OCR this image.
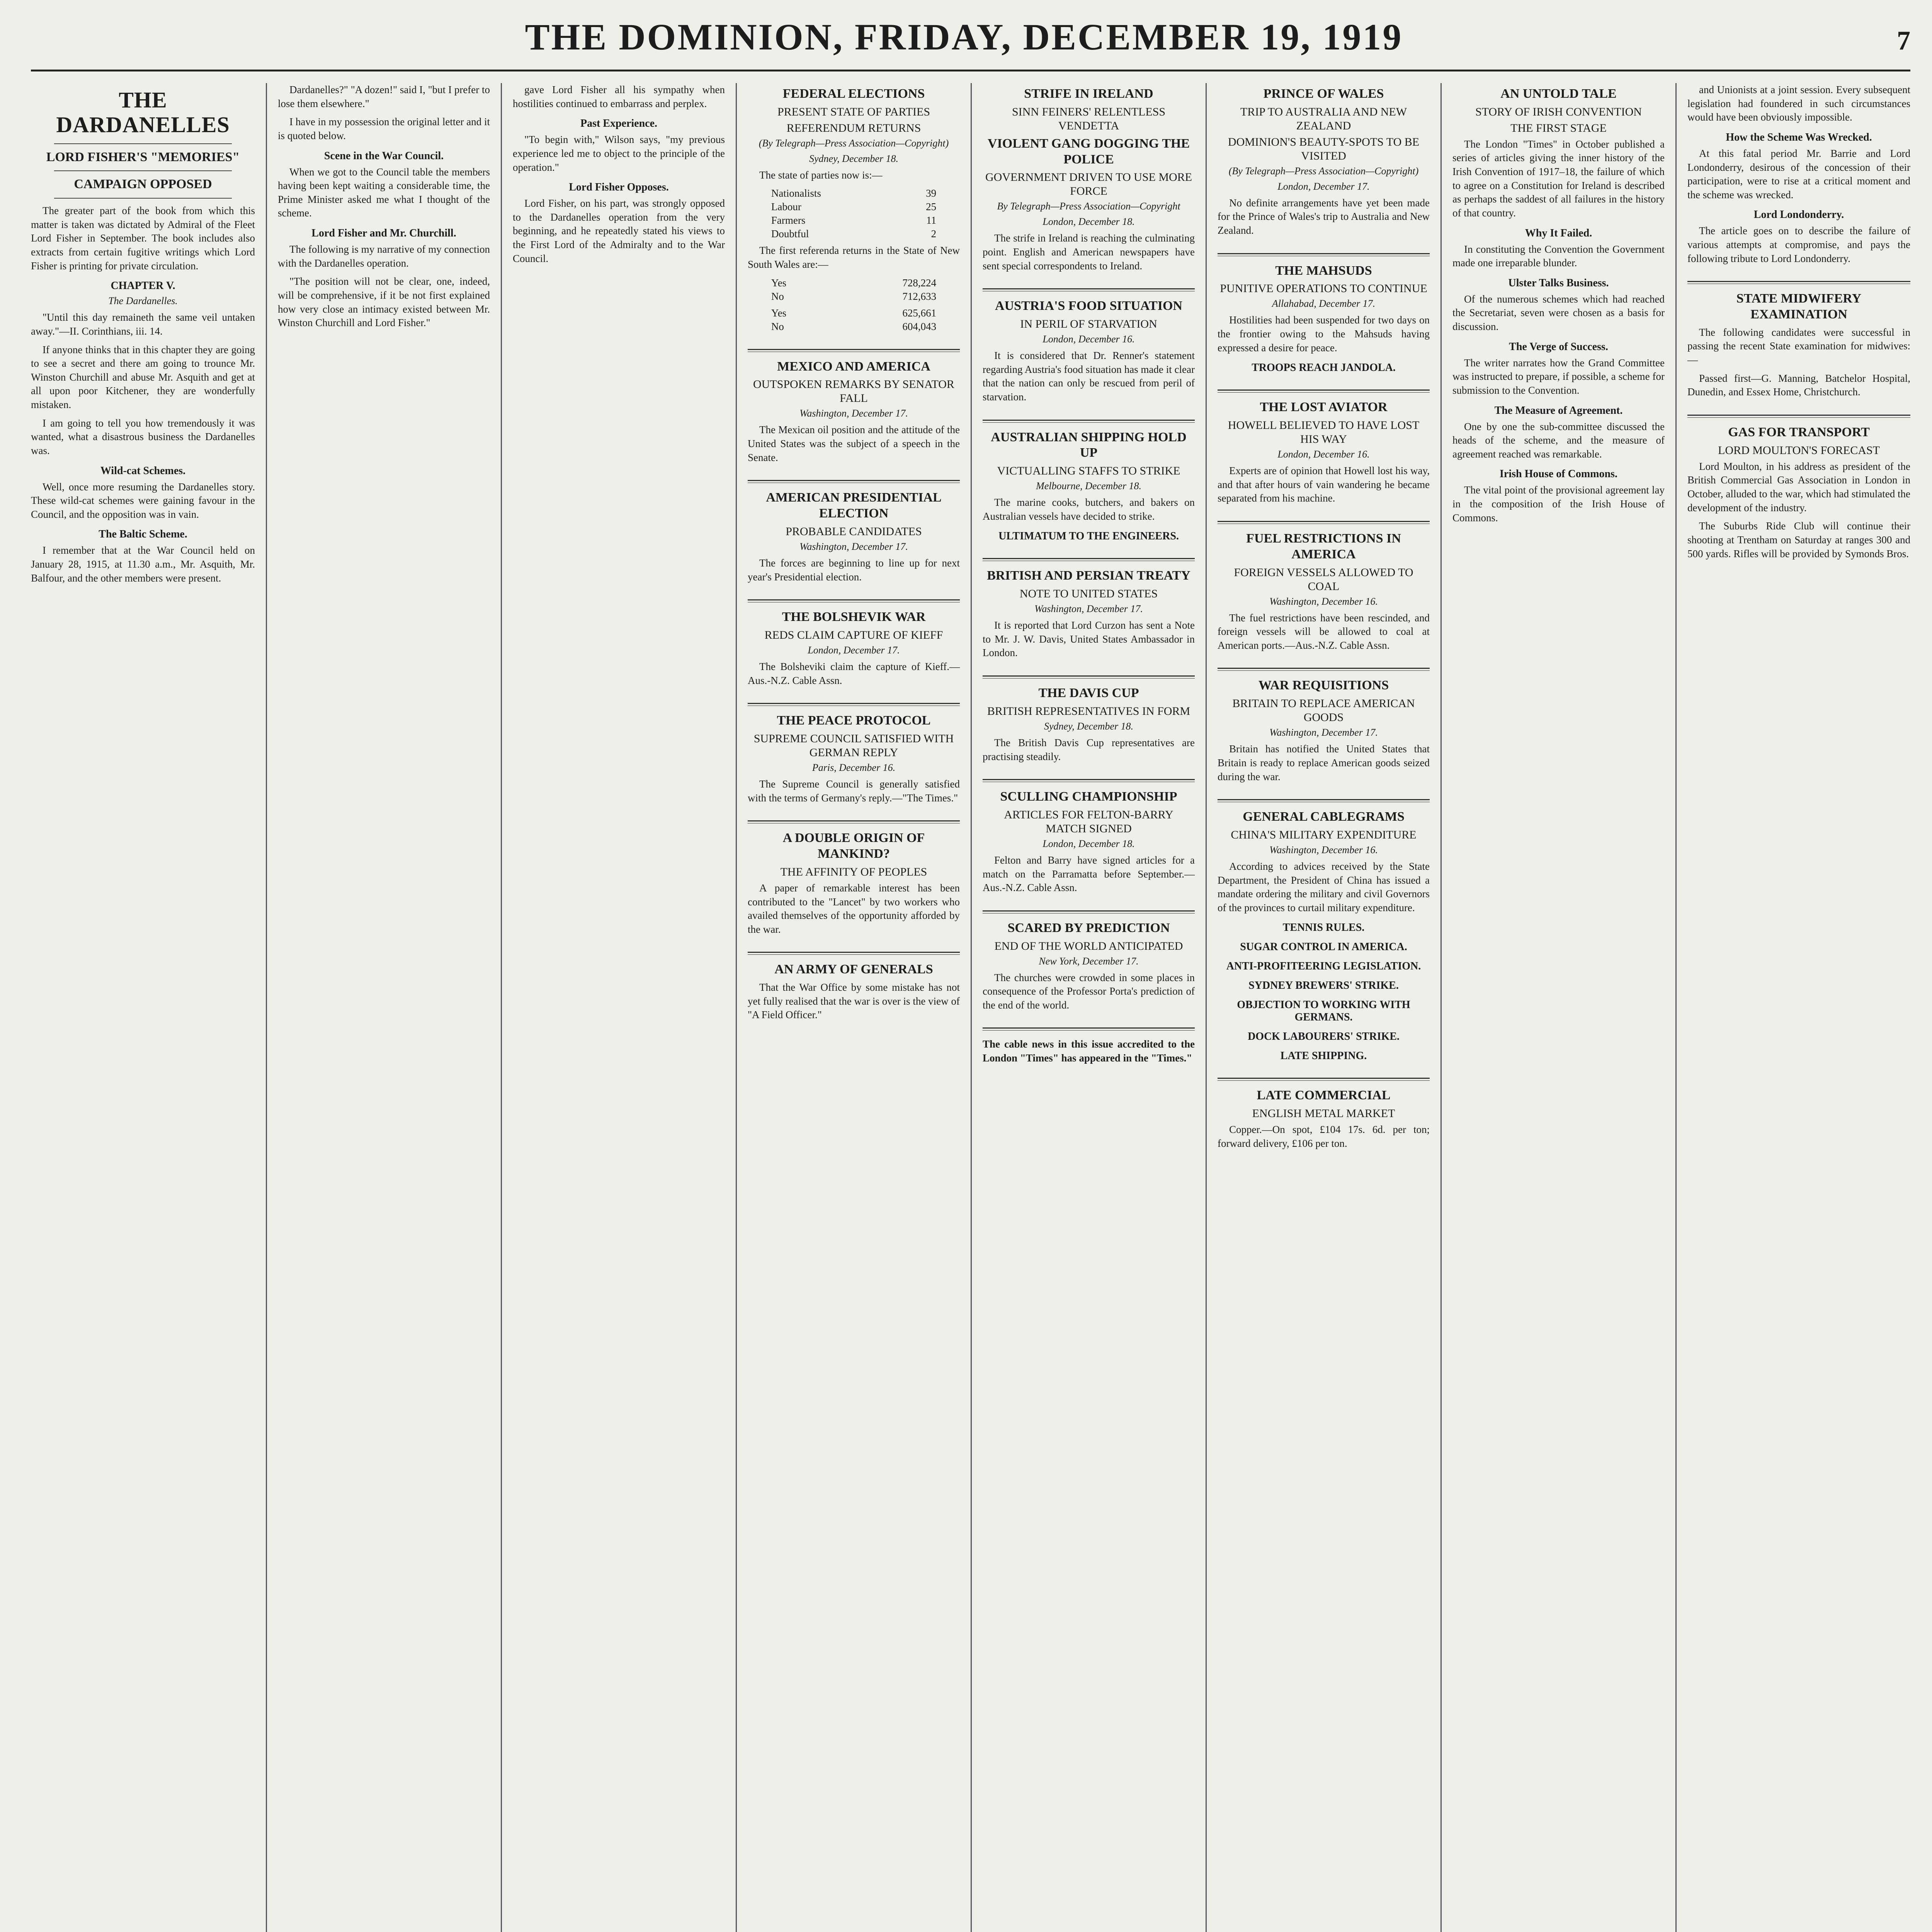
THE DOMINION, FRIDAY, DECEMBER 19, 1919	7
THE DARDANELLES
LORD FISHER'S "MEMORIES"
CAMPAIGN OPPOSED

The greater part of the book from which this matter is taken was dictated by Admiral of the Fleet Lord Fisher in September. The book includes also extracts from certain fugitive writings which Lord Fisher is printing for private circulation.

CHAPTER V.
The Dardanelles.

"Until this day remaineth the same veil untaken away."—II. Corinthians, iii. 14.

If anyone thinks that in this chapter they are going to see a secret and there am going to trounce Mr. Winston Churchill and abuse Mr. Asquith and get at all upon poor Kitchener, they are wonderfully mistaken.

I am going to tell you how tremendously it was wanted, what a disastrous business the Dardanelles was.

Wild-cat Schemes.

Well, once more resuming the Dardanelles story. These wild-cat schemes were gaining favour in the Council, and the opposition was in vain.

The Baltic Scheme.

I remember that at the War Council held on January 28, 1915, at 11.30 a.m., Mr. Asquith, Mr. Balfour, and the other members were present.

Dardanelles?" "A dozen!" said I, "but I prefer to lose them elsewhere."

I have in my possession the original letter and it is quoted below.

Scene in the War Council.

When we got to the Council table the members having been kept waiting a considerable time, the Prime Minister asked me what I thought of the scheme.

Lord Fisher and Mr. Churchill.

The following is my narrative of my connection with the Dardanelles operation.

"The position will not be clear, one, indeed, will be comprehensive, if it be not first explained how very close an intimacy existed between Mr. Winston Churchill and Lord Fisher."

gave Lord Fisher all his sympathy when hostilities continued to embarrass and perplex.

Past Experience.

"To begin with," Wilson says, "my previous experience led me to object to the principle of the operation."

Lord Fisher Opposes.

Lord Fisher, on his part, was strongly opposed to the Dardanelles operation from the very beginning, and he repeatedly stated his views to the First Lord of the Admiralty and to the War Council.

FEDERAL ELECTIONS
PRESENT STATE OF PARTIES
REFERENDUM RETURNS
(By Telegraph—Press Association—Copyright)
Sydney, December 18.

The state of parties now is:—

Nationalists	39
Labour	25
Farmers	11
Doubtful	2

The first referenda returns in the State of New South Wales are:—

Yes	728,224
No	712,633
Yes	625,661
No	604,043
MEXICO AND AMERICA
OUTSPOKEN REMARKS BY SENATOR FALL
Washington, December 17.

The Mexican oil position and the attitude of the United States was the subject of a speech in the Senate.

AMERICAN PRESIDENTIAL ELECTION
PROBABLE CANDIDATES
Washington, December 17.

The forces are beginning to line up for next year's Presidential election.

THE BOLSHEVIK WAR
REDS CLAIM CAPTURE OF KIEFF
London, December 17.

The Bolsheviki claim the capture of Kieff.—Aus.-N.Z. Cable Assn.

THE PEACE PROTOCOL
SUPREME COUNCIL SATISFIED WITH GERMAN REPLY
Paris, December 16.

The Supreme Council is generally satisfied with the terms of Germany's reply.—"The Times."

A DOUBLE ORIGIN OF MANKIND?
THE AFFINITY OF PEOPLES

A paper of remarkable interest has been contributed to the "Lancet" by two workers who availed themselves of the opportunity afforded by the war.

AN ARMY OF GENERALS

That the War Office by some mistake has not yet fully realised that the war is over is the view of "A Field Officer."

STRIFE IN IRELAND
SINN FEINERS' RELENTLESS VENDETTA
VIOLENT GANG DOGGING THE POLICE
GOVERNMENT DRIVEN TO USE MORE FORCE
By Telegraph—Press Association—Copyright
London, December 18.

The strife in Ireland is reaching the culminating point. English and American newspapers have sent special correspondents to Ireland.

AUSTRIA'S FOOD SITUATION
IN PERIL OF STARVATION
London, December 16.

It is considered that Dr. Renner's statement regarding Austria's food situation has made it clear that the nation can only be rescued from peril of starvation.

AUSTRALIAN SHIPPING HOLD UP
VICTUALLING STAFFS TO STRIKE
Melbourne, December 18.

The marine cooks, butchers, and bakers on Australian vessels have decided to strike.

ULTIMATUM TO THE ENGINEERS.
BRITISH AND PERSIAN TREATY
NOTE TO UNITED STATES
Washington, December 17.

It is reported that Lord Curzon has sent a Note to Mr. J. W. Davis, United States Ambassador in London.

THE DAVIS CUP
BRITISH REPRESENTATIVES IN FORM
Sydney, December 18.

The British Davis Cup representatives are practising steadily.

SCULLING CHAMPIONSHIP
ARTICLES FOR FELTON-BARRY MATCH SIGNED
London, December 18.

Felton and Barry have signed articles for a match on the Parramatta before September.—Aus.-N.Z. Cable Assn.

SCARED BY PREDICTION
END OF THE WORLD ANTICIPATED
New York, December 17.

The churches were crowded in some places in consequence of the Professor Porta's prediction of the end of the world.

The cable news in this issue accredited to the London "Times" has appeared in the "Times."

PRINCE OF WALES
TRIP TO AUSTRALIA AND NEW ZEALAND
DOMINION'S BEAUTY-SPOTS TO BE VISITED
(By Telegraph—Press Association—Copyright)
London, December 17.

No definite arrangements have yet been made for the Prince of Wales's trip to Australia and New Zealand.

THE MAHSUDS
PUNITIVE OPERATIONS TO CONTINUE
Allahabad, December 17.

Hostilities had been suspended for two days on the frontier owing to the Mahsuds having expressed a desire for peace.

TROOPS REACH JANDOLA.
THE LOST AVIATOR
HOWELL BELIEVED TO HAVE LOST HIS WAY
London, December 16.

Experts are of opinion that Howell lost his way, and that after hours of vain wandering he became separated from his machine.

FUEL RESTRICTIONS IN AMERICA
FOREIGN VESSELS ALLOWED TO COAL
Washington, December 16.

The fuel restrictions have been rescinded, and foreign vessels will be allowed to coal at American ports.—Aus.-N.Z. Cable Assn.

WAR REQUISITIONS
BRITAIN TO REPLACE AMERICAN GOODS
Washington, December 17.

Britain has notified the United States that Britain is ready to replace American goods seized during the war.

GENERAL CABLEGRAMS
CHINA'S MILITARY EXPENDITURE
Washington, December 16.

According to advices received by the State Department, the President of China has issued a mandate ordering the military and civil Governors of the provinces to curtail military expenditure.

TENNIS RULES.
SUGAR CONTROL IN AMERICA.
ANTI-PROFITEERING LEGISLATION.
SYDNEY BREWERS' STRIKE.
OBJECTION TO WORKING WITH GERMANS.
DOCK LABOURERS' STRIKE.
LATE SHIPPING.
LATE COMMERCIAL
ENGLISH METAL MARKET

Copper.—On spot, £104 17s. 6d. per ton; forward delivery, £106 per ton.

AN UNTOLD TALE
STORY OF IRISH CONVENTION
THE FIRST STAGE

The London "Times" in October published a series of articles giving the inner history of the Irish Convention of 1917–18, the failure of which to agree on a Constitution for Ireland is described as perhaps the saddest of all failures in the history of that country.

Why It Failed.

In constituting the Convention the Government made one irreparable blunder.

Ulster Talks Business.

Of the numerous schemes which had reached the Secretariat, seven were chosen as a basis for discussion.

The Verge of Success.

The writer narrates how the Grand Committee was instructed to prepare, if possible, a scheme for submission to the Convention.

The Measure of Agreement.

One by one the sub-committee discussed the heads of the scheme, and the measure of agreement reached was remarkable.

Irish House of Commons.

The vital point of the provisional agreement lay in the composition of the Irish House of Commons.

and Unionists at a joint session. Every subsequent legislation had foundered in such circumstances would have been obviously impossible.

How the Scheme Was Wrecked.

At this fatal period Mr. Barrie and Lord Londonderry, desirous of the concession of their participation, were to rise at a critical moment and the scheme was wrecked.

Lord Londonderry.

The article goes on to describe the failure of various attempts at compromise, and pays the following tribute to Lord Londonderry.

STATE MIDWIFERY EXAMINATION

The following candidates were successful in passing the recent State examination for midwives:—

Passed first—G. Manning, Batchelor Hospital, Dunedin, and Essex Home, Christchurch.

GAS FOR TRANSPORT
LORD MOULTON'S FORECAST

Lord Moulton, in his address as president of the British Commercial Gas Association in London in October, alluded to the war, which had stimulated the development of the industry.

The Suburbs Ride Club will continue their shooting at Trentham on Saturday at ranges 300 and 500 yards. Rifles will be provided by Symonds Bros.
